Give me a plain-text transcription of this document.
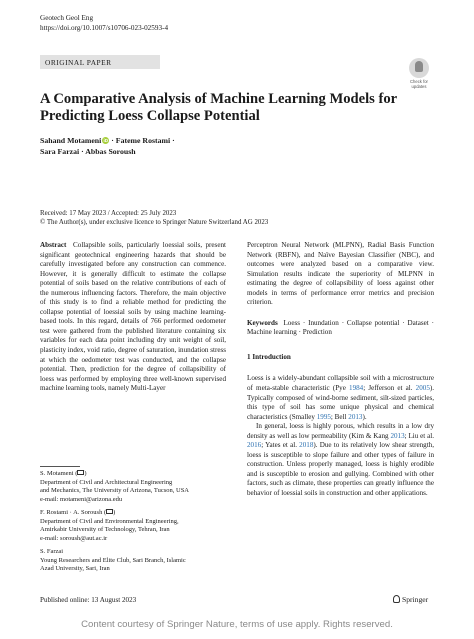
Geotech Geol Eng
https://doi.org/10.1007/s10706-023-02593-4
ORIGINAL PAPER
Check for
updates
A Comparative Analysis of Machine Learning Models for Predicting Loess Collapse Potential
Sahand Motameni iD · Fateme Rostami ·
Sara Farzai · Abbas Soroush
Received: 17 May 2023 / Accepted: 25 July 2023
© The Author(s), under exclusive licence to Springer Nature Switzerland AG 2023

Abstract Collapsible soils, particularly loessial soils, present significant geotechnical engineering hazards that should be carefully investigated before any construction can commence. However, it is generally difficult to estimate the collapse potential of soils based on the relative contributions of each of the numerous influencing factors. Therefore, the main objective of this study is to find a reliable method for predicting the collapse potential of loessial soils by using machine learning-based tools. In this regard, details of 766 performed oedometer test were gathered from the published literature containing six variables for each data point including dry unit weight of soil, plasticity index, void ratio, degree of saturation, inundation stress at which the oedometer test was conducted, and the collapse potential. Then, prediction for the degree of collapsibility of loess was performed by employing three well-known supervised machine learning tools, namely Multi-Layer

Perceptron Neural Network (MLPNN), Radial Basis Function Network (RBFN), and Naïve Bayesian Classifier (NBC), and outcomes were analyzed based on a comparative view. Simulation results indicate the superiority of MLPNN in estimating the degree of collapsibility of loess against other models in terms of performance error metrics and precision criterion.

Keywords Loess · Inundation · Collapse potential · Dataset · Machine learning · Prediction

1 Introduction

Loess is a widely-abundant collapsible soil with a microstructure of meta-stable characteristic (Pye 1984; Jefferson et al. 2005). Typically composed of wind-borne sediment, silt-sized particles, this type of soil has some unique physical and chemical characteristics (Smalley 1995; Bell 2013).

In general, loess is highly porous, which results in a low dry density as well as low permeability (Kim & Kang 2013; Liu et al. 2016; Yates et al. 2018). Due to its relatively low shear strength, loess is susceptible to slope failure and other types of failure in construction. Unless properly managed, loess is highly erodible and is susceptible to erosion and gullying. Combined with other factors, such as climate, these properties can greatly influence the behavior of loessial soils in construction and other applications.

S. Motameni ( )
Department of Civil and Architectural Engineering
and Mechanics, The University of Arizona, Tucson, USA
e-mail: motameni@arizona.edu

F. Rostami · A. Soroush ( )
Department of Civil and Environmental Engineering,
Amirkabir University of Technology, Tehran, Iran
e-mail: soroush@aut.ac.ir

S. Farzai
Young Researchers and Elite Club, Sari Branch, Islamic
Azad University, Sari, Iran

Published online: 13 August 2023	Springer
Content courtesy of Springer Nature, terms of use apply. Rights reserved.
